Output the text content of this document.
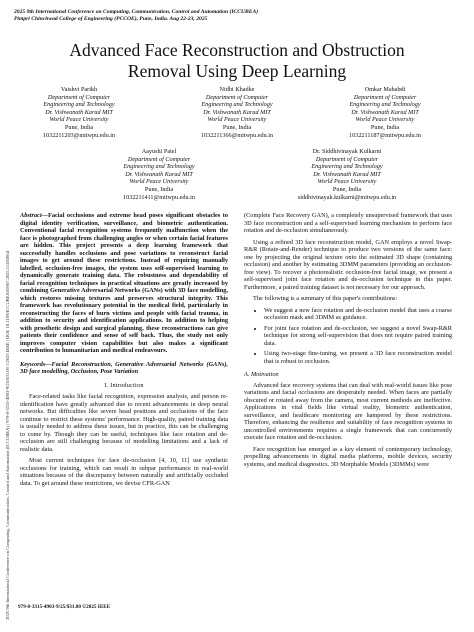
2025 9th International Conference on Computing, Communication, Control and Automation (ICCUBEA)
Pimpri Chinchwad College of Engineering (PCCOE), Pune, India. Aug 22-23, 2025
2025 9th International Conference on Computing, Communication, Control and Automation (ICCUBEA) | 979-8-3315-4903-9/25/$31.00 ©2025 IEEE | DOI: 10.1109/ICCUBEA65967.2025.11283864
Advanced Face Reconstruction and Obstruction
Removal Using Deep Learning
Vaishvi Parikh
Department of Computer
Engineering and Technology
Dr. Vishwanath Karad MIT
World Peace University
Pune, India
1032211203@mitwpu.edu.in
Nidhi Khadke
Department of Computer
Engineering and Technology
Dr. Vishwanath Karad MIT
World Peace University
Pune, India
1032211366@mitwpu.edu.in
Omkar Mahabdi
Department of Computer
Engineering and Technology
Dr. Vishwanath Karad MIT
World Peace University
Pune, India
1032211187@mitwpu.edu.in
Aayushi Patel
Department of Computer
Engineering and Technology
Dr. Vishwanath Karad MIT
World Peace University
Pune, India
1032211411@mitwpu.edu.in
Dr. Siddhivinayak Kulkarni
Department of Computer
Engineering and Technology
Dr. Vishwanath Karad MIT
World Peace University
Pune, India
siddhivinayak.kulkarni@mitwpu.edu.in
Abstract—Facial occlusions and extreme head poses significant obstacles to digital identity verification, surveillance, and biometric authentication. Conventional facial recognition systems frequently malfunction when the face is photographed from challenging angles or when certain facial features are hidden. This project presents a deep learning framework that successfully handles occlusions and pose variations to reconstruct facial images to get around these restrictions. Instead of requiring manually labelled, occlusion-free images, the system uses self-supervised learning to dynamically generate training data. The robustness and dependability of facial recognition techniques in practical situations are greatly increased by combining Generative Adversarial Networks (GANs) with 3D face modelling, which restores missing textures and preserves structural integrity. This framework has revolutionary potential in the medical field, particularly in reconstructing the faces of burn victims and people with facial trauma, in addition to security and identification applications. In addition to helping with prosthetic design and surgical planning, these reconstructions can give patients their confidence and sense of self back. Thus, the study not only improves computer vision capabilities but also makes a significant contribution to humanitarian and medical endeavours.
Keywords—Facial Reconstruction, Generative Adversarial Networks (GANs), 3D face modelling, Occlusion, Pose Variation
I. Introduction

Face-related tasks like facial recognition, expression analysis, and person re-identification have greatly advanced due to recent advancements in deep neural networks. But difficulties like severe head positions and occlusions of the face continue to restrict these systems' performance. High-quality, paired training data is usually needed to address these issues, but in practice, this can be challenging to come by. Though they can be useful, techniques like face rotation and de-occlusion are still challenging because of modelling limitations and a lack of realistic data.

Most current techniques for face de-occlusion [4, 10, 11] use synthetic occlusions for training, which can result in subpar performance in real-world situations because of the discrepancy between naturally and artificially occluded data. To get around these restrictions, we devise CFR-GAN

(Complete Face Recovery GAN), a completely unsupervised framework that uses 3D face reconstruction and a self-supervised learning mechanism to perform face rotation and de-occlusion simultaneously.

Using a refined 3D face reconstruction model, GAN employs a novel Swap-R&R (Rotate-and-Render) technique to produce two versions of the same face: one by projecting the original texture onto the estimated 3D shape (containing occlusion) and another by estimating 3DMM parameters (providing an occlusion-free view). To recover a photorealistic occlusion-free facial image, we present a self-supervised joint face rotation and de-occlusion technique in this paper. Furthermore, a paired training dataset is not necessary for our approach.

The following is a summary of this paper's contributions:

• We suggest a new face rotation and de-occlusion model that uses a coarse occlusion mask and 3DMM as guidance.
• For joint face rotation and de-occlusion, we suggest a novel Swap-R&R technique for strong self-supervision that does not require paired training data.
• Using two-stage fine-tuning, we present a 3D face reconstruction model that is robust to occlusion.
A. Motivation

Advanced face recovery systems that can deal with real-world issues like pose variations and facial occlusions are desperately needed. When faces are partially obscured or rotated away from the camera, most current methods are ineffective. Applications in vital fields like virtual reality, biometric authentication, surveillance, and healthcare monitoring are hampered by these restrictions. Therefore, enhancing the resilience and suitability of face recognition systems in uncontrolled environments requires a single framework that can concurrently execute face rotation and de-occlusion.

Face recognition has emerged as a key element of contemporary technology, propelling advancements in digital media platforms, mobile devices, security systems, and medical diagnostics. 3D Morphable Models (3DMMs) were

979-8-3315-4903-9/25/$31.00 ©2025 IEEE
